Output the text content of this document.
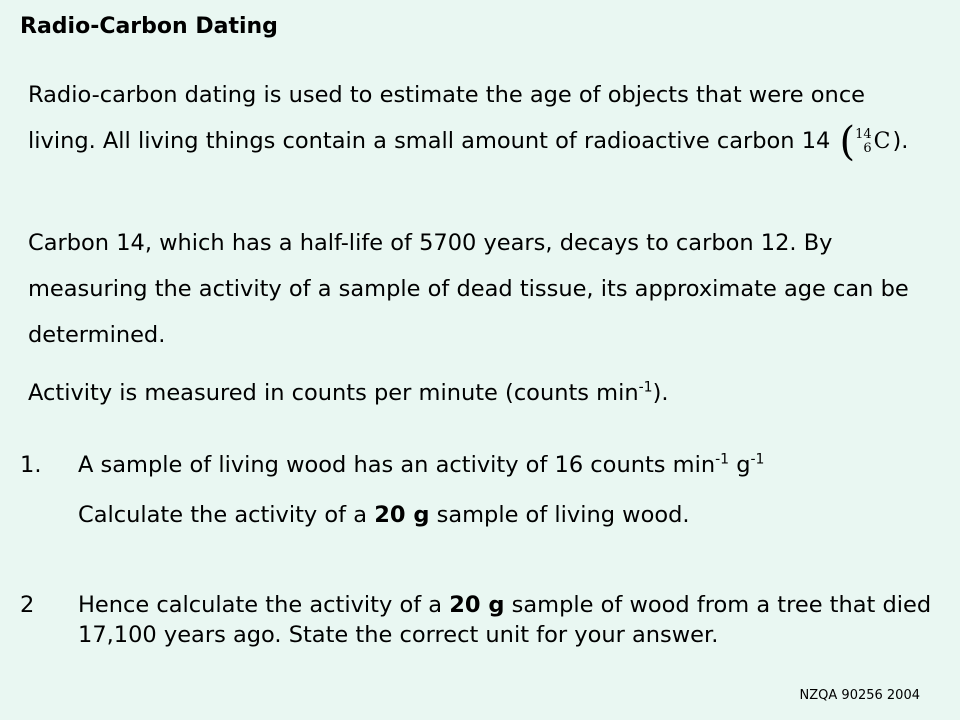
Radio-Carbon Dating
Radio-carbon dating is used to estimate the age of objects that were once living. All living things contain a small amount of radioactive carbon 14 ( 14
6 C).
Carbon 14, which has a half-life of 5700 years, decays to carbon 12. By measuring the activity of a sample of dead tissue, its approximate age can be determined.
Activity is measured in counts per minute (counts $\min^{-1}$).
1. A sample of living wood has an activity of 16 counts $\min^{-1} g^{-1}$
Calculate the activity of a 20 g sample of living wood.
2 Hence calculate the activity of a 20 g sample of wood from a tree that died 17,100 years ago. State the correct unit for your answer.
NZQA 90256 2004
